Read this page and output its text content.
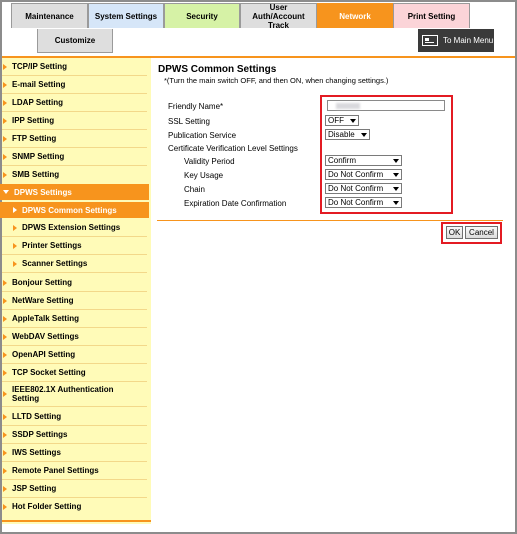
Maintenance	System Settings	Security
User Auth/Account Track
Network	Print Setting
Customize	To Main Menu
TCP/IP Setting
E-mail Setting
LDAP Setting
IPP Setting
FTP Setting
SNMP Setting
SMB Setting
DPWS Settings
DPWS Common Settings
DPWS Extension Settings
Printer Settings
Scanner Settings
Bonjour Setting
NetWare Setting
AppleTalk Setting
WebDAV Settings
OpenAPI Setting
TCP Socket Setting
IEEE802.1X Authentication Setting
LLTD Setting
SSDP Settings
IWS Settings
Remote Panel Settings
JSP Setting
Hot Folder Setting
DPWS Common Settings
*(Turn the main switch OFF, and then ON, when changing settings.)
Friendly Name*
SSL Setting	OFF
Publication Service	Disable
Certificate Verification Level Settings
Validity Period	Confirm
Key Usage	Do Not Confirm
Chain	Do Not Confirm
Expiration Date Confirmation	Do Not Confirm
OK	Cancel
